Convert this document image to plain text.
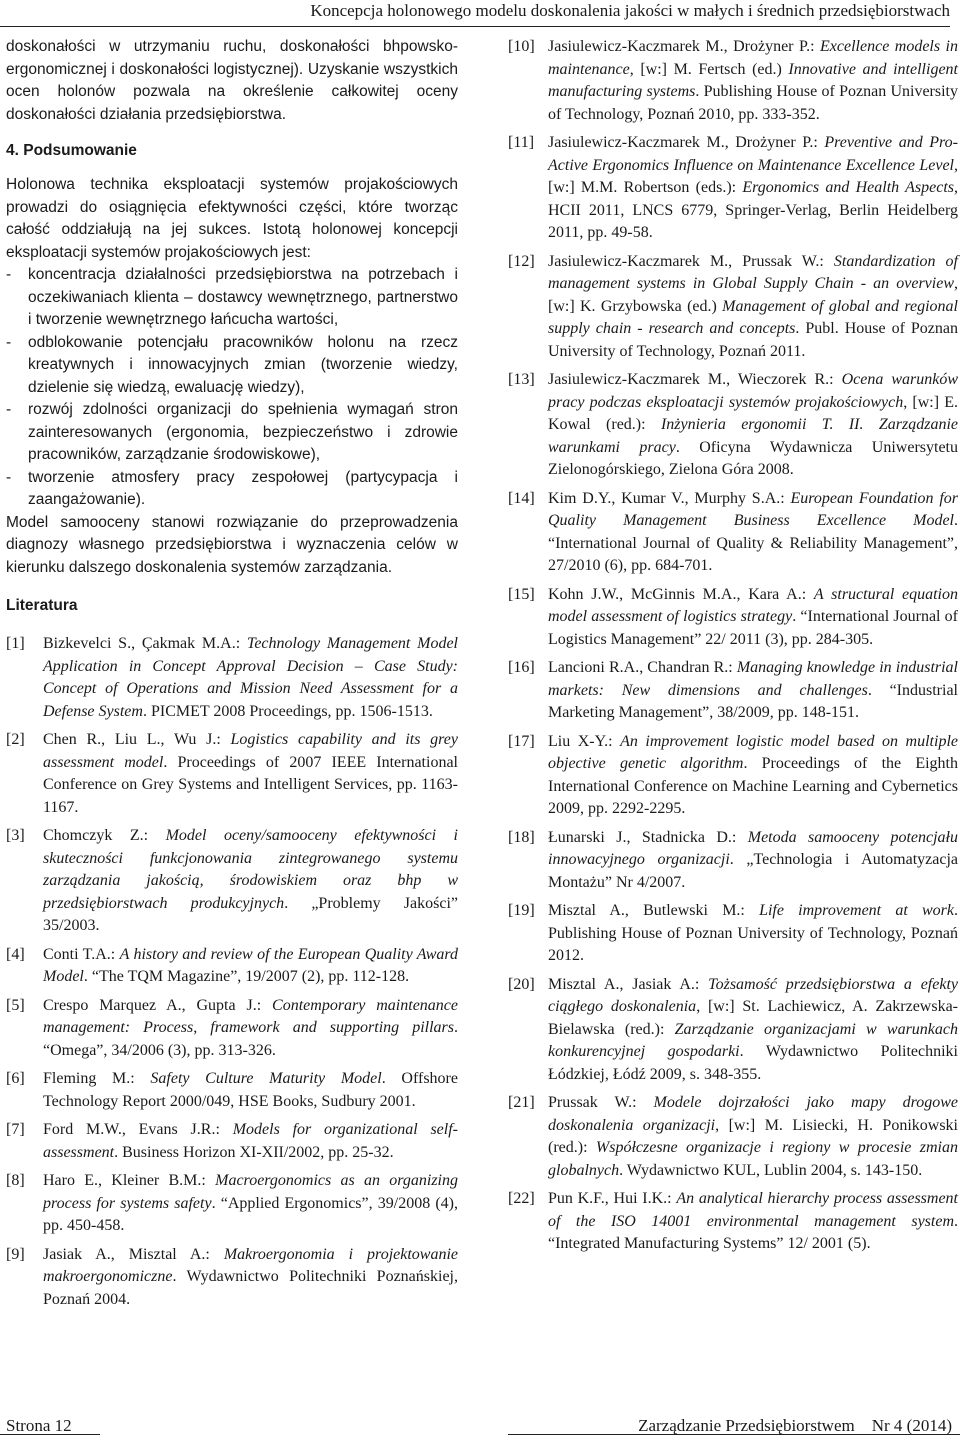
Koncepcja holonowego modelu doskonalenia jakości w małych i średnich przedsiębiorstwach

doskonałości w utrzymaniu ruchu, doskonałości bhpowsko-ergonomicznej i doskonałości logistycznej). Uzyskanie wszystkich ocen holonów pozwala na określenie całkowitej oceny doskonałości działania przedsiębiorstwa.

4. Podsumowanie

Holonowa technika eksploatacji systemów projakościowych prowadzi do osiągnięcia efektywności części, które tworząc całość oddziałują na jej sukces. Istotą holonowej koncepcji eksploatacji systemów projakościowych jest:

- koncentracja działalności przedsiębiorstwa na potrzebach i oczekiwaniach klienta – dostawcy wewnętrznego, partnerstwo i tworzenie wewnętrznego łańcucha wartości,
- odblokowanie potencjału pracowników holonu na rzecz kreatywnych i innowacyjnych zmian (tworzenie wiedzy, dzielenie się wiedzą, ewaluację wiedzy),
- rozwój zdolności organizacji do spełnienia wymagań stron zainteresowanych (ergonomia, bezpieczeństwo i zdrowie pracowników, zarządzanie środowiskowe),
- tworzenie atmosfery pracy zespołowej (partycypacja i zaangażowanie).

Model samooceny stanowi rozwiązanie do przeprowadzenia diagnozy własnego przedsiębiorstwa i wyznaczenia celów w kierunku dalszego doskonalenia systemów zarządzania.

Literatura
[1] Bizkevelci S., Çakmak M.A.: Technology Management Model Application in Concept Approval Decision – Case Study: Concept of Operations and Mission Need Assessment for a Defense System. PICMET 2008 Proceedings, pp. 1506-1513.
[2] Chen R., Liu L., Wu J.: Logistics capability and its grey assessment model. Proceedings of 2007 IEEE International Conference on Grey Systems and Intelligent Services, pp. 1163-1167.
[3] Chomczyk Z.: Model oceny/samooceny efektywności i skuteczności funkcjonowania zintegrowanego systemu zarządzania jakością, środowiskiem oraz bhp w przedsiębiorstwach produkcyjnych. „Problemy Jakości” 35/2003.
[4] Conti T.A.: A history and review of the European Quality Award Model. “The TQM Magazine”, 19/2007 (2), pp. 112-128.
[5] Crespo Marquez A., Gupta J.: Contemporary maintenance management: Process, framework and supporting pillars. “Omega”, 34/2006 (3), pp. 313-326.
[6] Fleming M.: Safety Culture Maturity Model. Offshore Technology Report 2000/049, HSE Books, Sudbury 2001.
[7] Ford M.W., Evans J.R.: Models for organizational self-assessment. Business Horizon XI-XII/2002, pp. 25-32.
[8] Haro E., Kleiner B.M.: Macroergonomics as an organizing process for systems safety. “Applied Ergonomics”, 39/2008 (4), pp. 450-458.
[9] Jasiak A., Misztal A.: Makroergonomia i projektowanie makroergonomiczne. Wydawnictwo Politechniki Poznańskiej, Poznań 2004.
[10] Jasiulewicz-Kaczmarek M., Drożyner P.: Excellence models in maintenance, [w:] M. Fertsch (ed.) Innovative and intelligent manufacturing systems. Publishing House of Poznan University of Technology, Poznań 2010, pp. 333-352.
[11] Jasiulewicz-Kaczmarek M., Drożyner P.: Preventive and Pro-Active Ergonomics Influence on Maintenance Excellence Level, [w:] M.M. Robertson (eds.): Ergonomics and Health Aspects, HCII 2011, LNCS 6779, Springer-Verlag, Berlin Heidelberg 2011, pp. 49-58.
[12] Jasiulewicz-Kaczmarek M., Prussak W.: Standardization of management systems in Global Supply Chain - an overview, [w:] K. Grzybowska (ed.) Management of global and regional supply chain - research and concepts. Publ. House of Poznan University of Technology, Poznań 2011.
[13] Jasiulewicz-Kaczmarek M., Wieczorek R.: Ocena warunków pracy podczas eksploatacji systemów projakościowych, [w:] E. Kowal (red.): Inżynieria ergonomii T. II. Zarządzanie warunkami pracy. Oficyna Wydawnicza Uniwersytetu Zielonogórskiego, Zielona Góra 2008.
[14] Kim D.Y., Kumar V., Murphy S.A.: European Foundation for Quality Management Business Excellence Model. “International Journal of Quality & Reliability Management”, 27/2010 (6), pp. 684-701.
[15] Kohn J.W., McGinnis M.A., Kara A.: A structural equation model assessment of logistics strategy. “International Journal of Logistics Management” 22/ 2011 (3), pp. 284-305.
[16] Lancioni R.A., Chandran R.: Managing knowledge in industrial markets: New dimensions and challenges. “Industrial Marketing Management”, 38/2009, pp. 148-151.
[17] Liu X-Y.: An improvement logistic model based on multiple objective genetic algorithm. Proceedings of the Eighth International Conference on Machine Learning and Cybernetics 2009, pp. 2292-2295.
[18] Łunarski J., Stadnicka D.: Metoda samooceny potencjału innowacyjnego organizacji. „Technologia i Automatyzacja Montażu” Nr 4/2007.
[19] Misztal A., Butlewski M.: Life improvement at work. Publishing House of Poznan University of Technology, Poznań 2012.
[20] Misztal A., Jasiak A.: Tożsamość przedsiębiorstwa a efekty ciągłego doskonalenia, [w:] St. Lachiewicz, A. Zakrzewska-Bielawska (red.): Zarządzanie organizacjami w warunkach konkurencyjnej gospodarki. Wydawnictwo Politechniki Łódzkiej, Łódź 2009, s. 348-355.
[21] Prussak W.: Modele dojrzałości jako mapy drogowe doskonalenia organizacji, [w:] M. Lisiecki, H. Ponikowski (red.): Współczesne organizacje i regiony w procesie zmian globalnych. Wydawnictwo KUL, Lublin 2004, s. 143-150.
[22] Pun K.F., Hui I.K.: An analytical hierarchy process assessment of the ISO 14001 environmental management system. “Integrated Manufacturing Systems” 12/ 2001 (5).
Strona 12	Zarządzanie Przedsiębiorstwem Nr 4 (2014)
